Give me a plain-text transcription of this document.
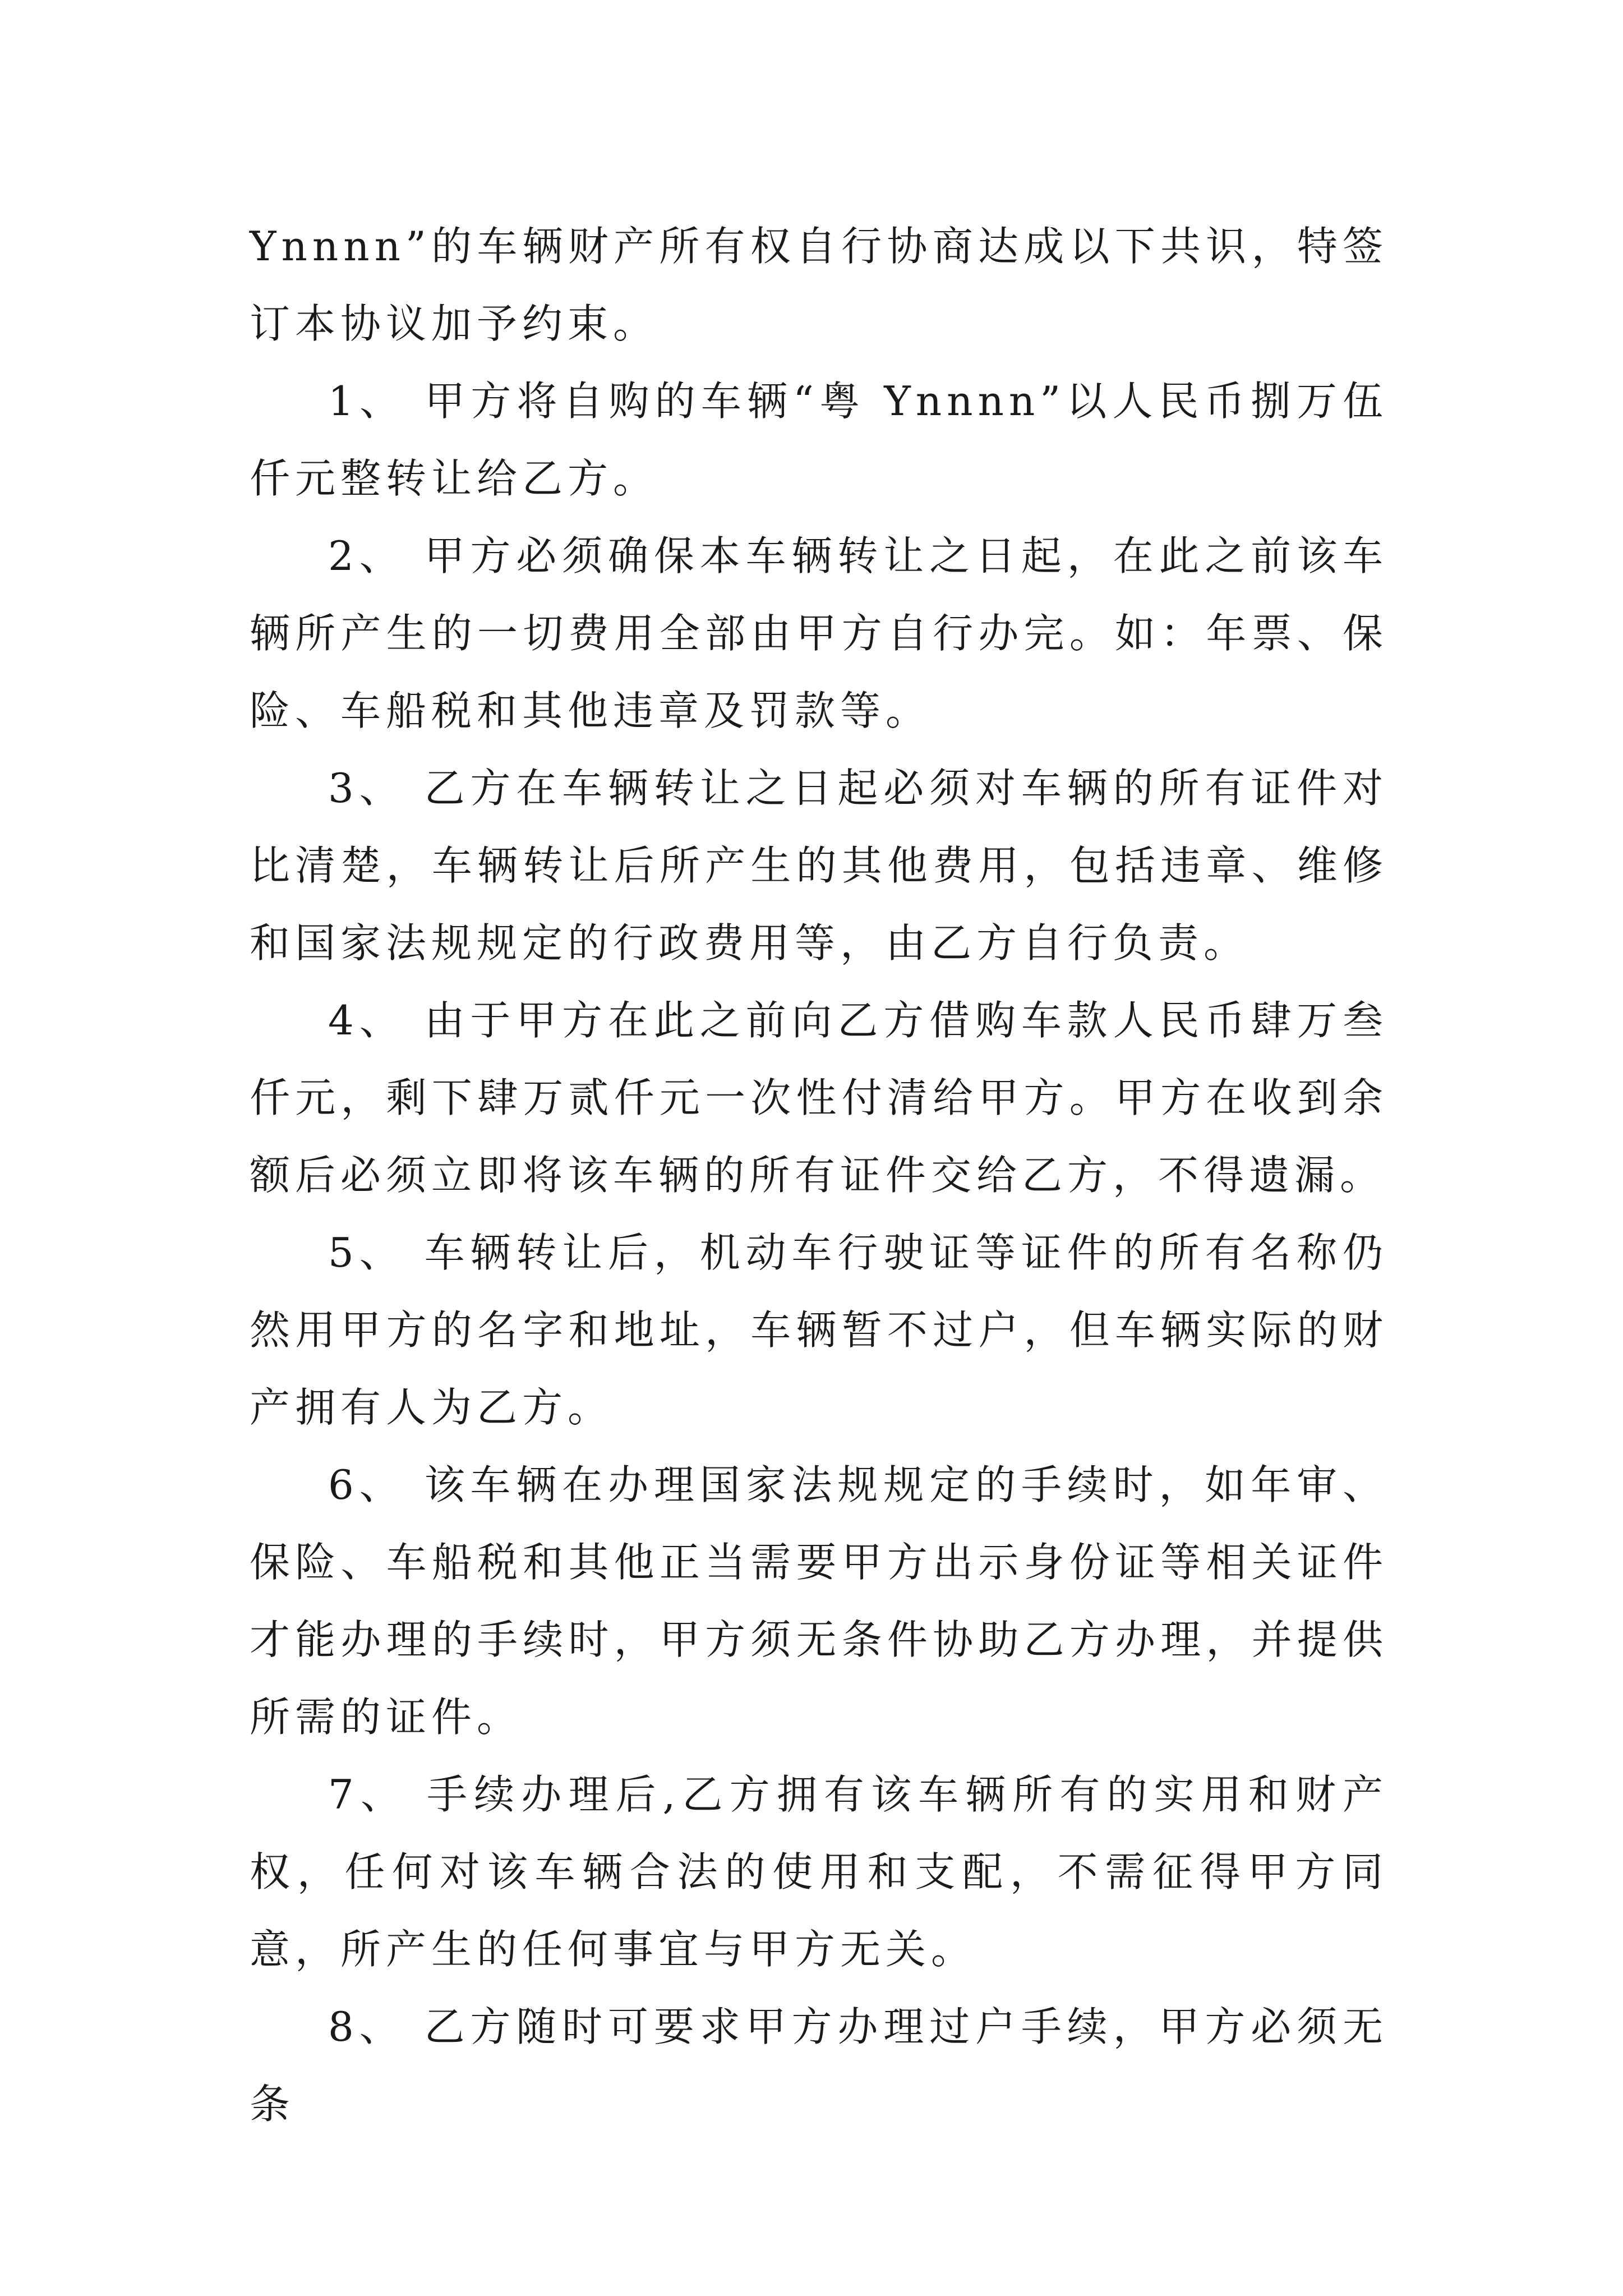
Ynnnn”的车辆财产所有权自行协商达成以下共识，特签订本协议加予约束。

1、 甲方将自购的车辆“粤 Ynnnn”以人民币捌万伍仟元整转让给乙方。

2、 甲方必须确保本车辆转让之日起，在此之前该车辆所产生的一切费用全部由甲方自行办完。如：年票、保险、车船税和其他违章及罚款等。

3、 乙方在车辆转让之日起必须对车辆的所有证件对比清楚，车辆转让后所产生的其他费用，包括违章、维修和国家法规规定的行政费用等，由乙方自行负责。

4、 由于甲方在此之前向乙方借购车款人民币肆万叁仟元，剩下肆万贰仟元一次性付清给甲方。甲方在收到余额后必须立即将该车辆的所有证件交给乙方，不得遗漏。

5、 车辆转让后，机动车行驶证等证件的所有名称仍然用甲方的名字和地址，车辆暂不过户，但车辆实际的财产拥有人为乙方。

6、 该车辆在办理国家法规规定的手续时，如年审、保险、车船税和其他正当需要甲方出示身份证等相关证件才能办理的手续时，甲方须无条件协助乙方办理，并提供所需的证件。

7、 手续办理后,乙方拥有该车辆所有的实用和财产权，任何对该车辆合法的使用和支配，不需征得甲方同意，所产生的任何事宜与甲方无关。

8、 乙方随时可要求甲方办理过户手续，甲方必须无条
